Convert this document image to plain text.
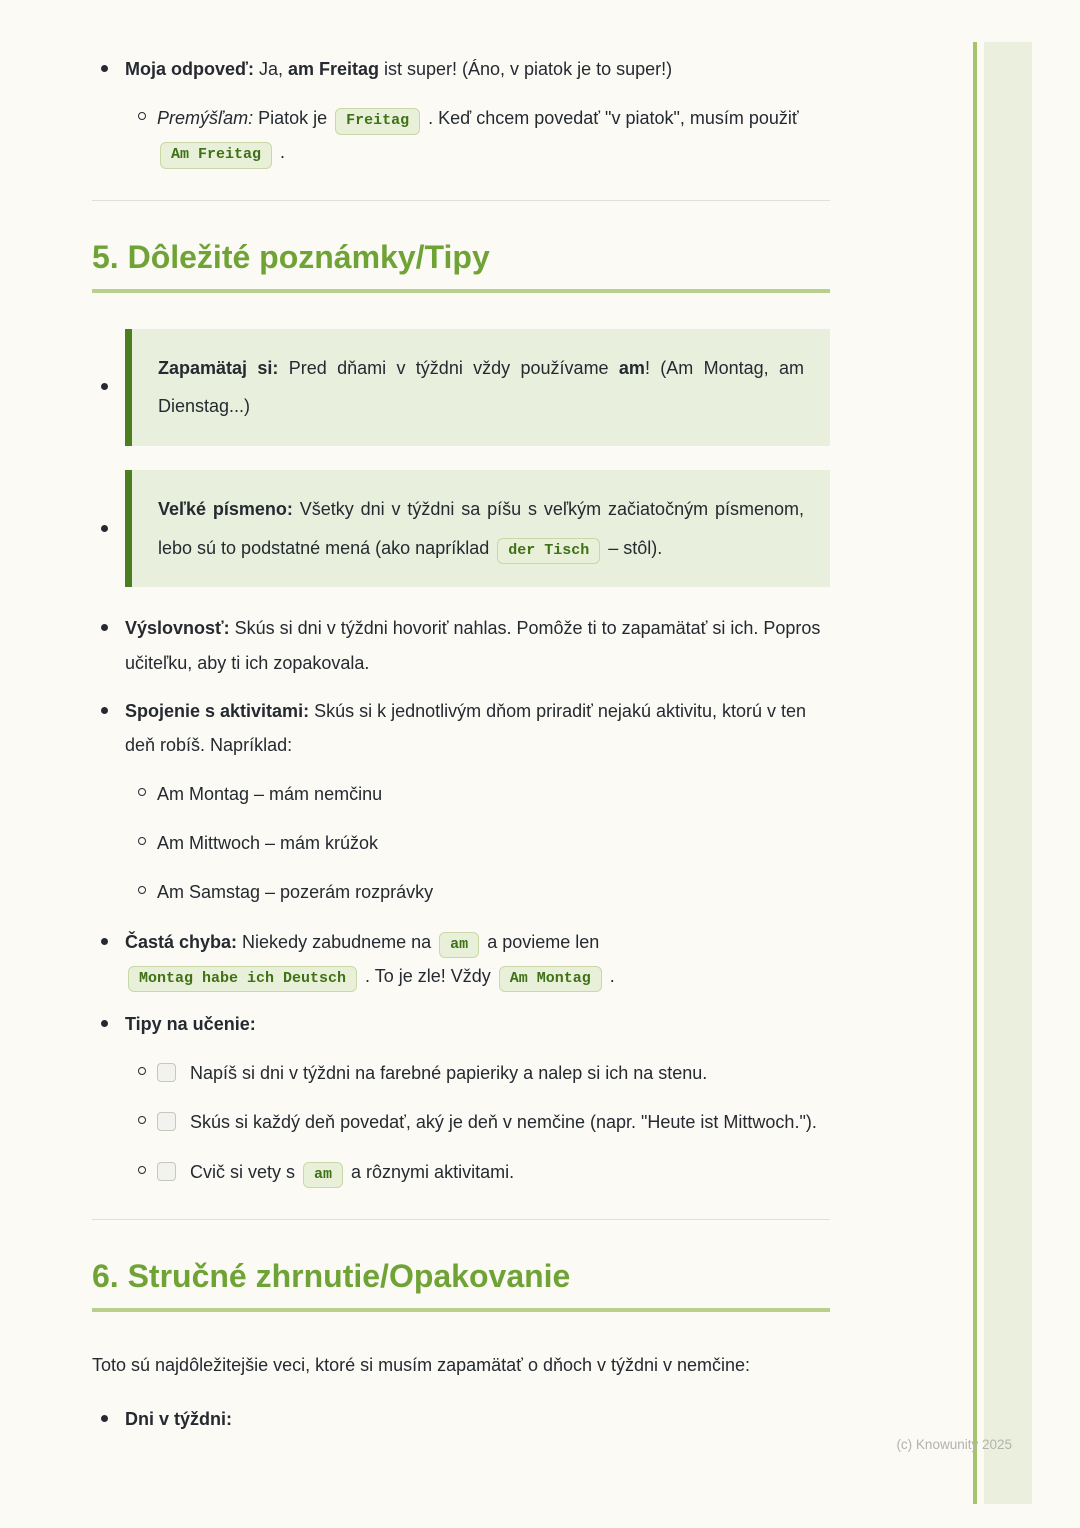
Moja odpoveď: Ja, am Freitag ist super! (Áno, v piatok je to super!)

Premýšľam: Piatok je Freitag . Keď chcem povedať "v piatok", musím použiť Am Freitag .

5. Dôležité poznámky/Tipy

Zapamätaj si: Pred dňami v týždni vždy používame am! (Am Montag, am Dienstag...)

Veľké písmeno: Všetky dni v týždni sa píšu s veľkým začiatočným písmenom, lebo sú to podstatné mená (ako napríklad der Tisch – stôl).

Výslovnosť: Skús si dni v týždni hovoriť nahlas. Pomôže ti to zapamätať si ich. Popros učiteľku, aby ti ich zopakovala.

Spojenie s aktivitami: Skús si k jednotlivým dňom priradiť nejakú aktivitu, ktorú v ten deň robíš. Napríklad:

Am Montag – mám nemčinu

Am Mittwoch – mám krúžok

Am Samstag – pozerám rozprávky

Častá chyba: Niekedy zabudneme na am a povieme len Montag habe ich Deutsch . To je zle! Vždy Am Montag .

Tipy na učenie:

Napíš si dni v týždni na farebné papieriky a nalep si ich na stenu.
Skús si každý deň povedať, aký je deň v nemčine (napr. "Heute ist Mittwoch.").
Cvič si vety s am a rôznymi aktivitami.
6. Stručné zhrnutie/Opakovanie

Toto sú najdôležitejšie veci, ktoré si musím zapamätať o dňoch v týždni v nemčine:

Dni v týždni:

(c) Knowunity 2025
